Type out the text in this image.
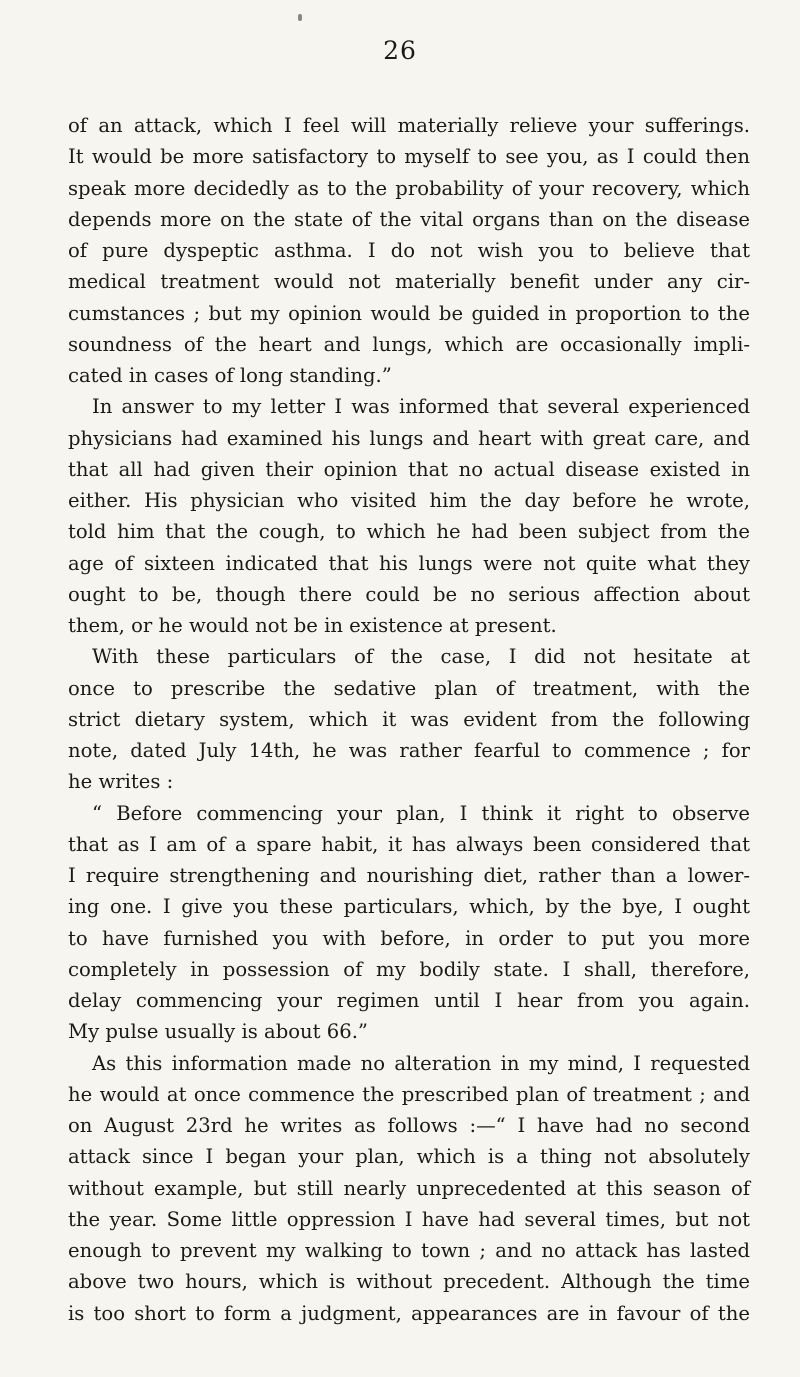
26
of an attack, which I feel will materially relieve your sufferings.
It would be more satisfactory to myself to see you, as I could then
speak more decidedly as to the probability of your recovery, which
depends more on the state of the vital organs than on the disease
of pure dyspeptic asthma. I do not wish you to believe that
medical treatment would not materially benefit under any cir-
cumstances ; but my opinion would be guided in proportion to the
soundness of the heart and lungs, which are occasionally impli-
cated in cases of long standing.”
In answer to my letter I was informed that several experienced
physicians had examined his lungs and heart with great care, and
that all had given their opinion that no actual disease existed in
either. His physician who visited him the day before he wrote,
told him that the cough, to which he had been subject from the
age of sixteen indicated that his lungs were not quite what they
ought to be, though there could be no serious affection about
them, or he would not be in existence at present.
With these particulars of the case, I did not hesitate at
once to prescribe the sedative plan of treatment, with the
strict dietary system, which it was evident from the following
note, dated July 14th, he was rather fearful to commence ; for
he writes :
“ Before commencing your plan, I think it right to observe
that as I am of a spare habit, it has always been considered that
I require strengthening and nourishing diet, rather than a lower-
ing one. I give you these particulars, which, by the bye, I ought
to have furnished you with before, in order to put you more
completely in possession of my bodily state. I shall, therefore,
delay commencing your regimen until I hear from you again.
My pulse usually is about 66.”
As this information made no alteration in my mind, I requested
he would at once commence the prescribed plan of treatment ; and
on August 23rd he writes as follows :—“ I have had no second
attack since I began your plan, which is a thing not absolutely
without example, but still nearly unprecedented at this season of
the year. Some little oppression I have had several times, but not
enough to prevent my walking to town ; and no attack has lasted
above two hours, which is without precedent. Although the time
is too short to form a judgment, appearances are in favour of the
